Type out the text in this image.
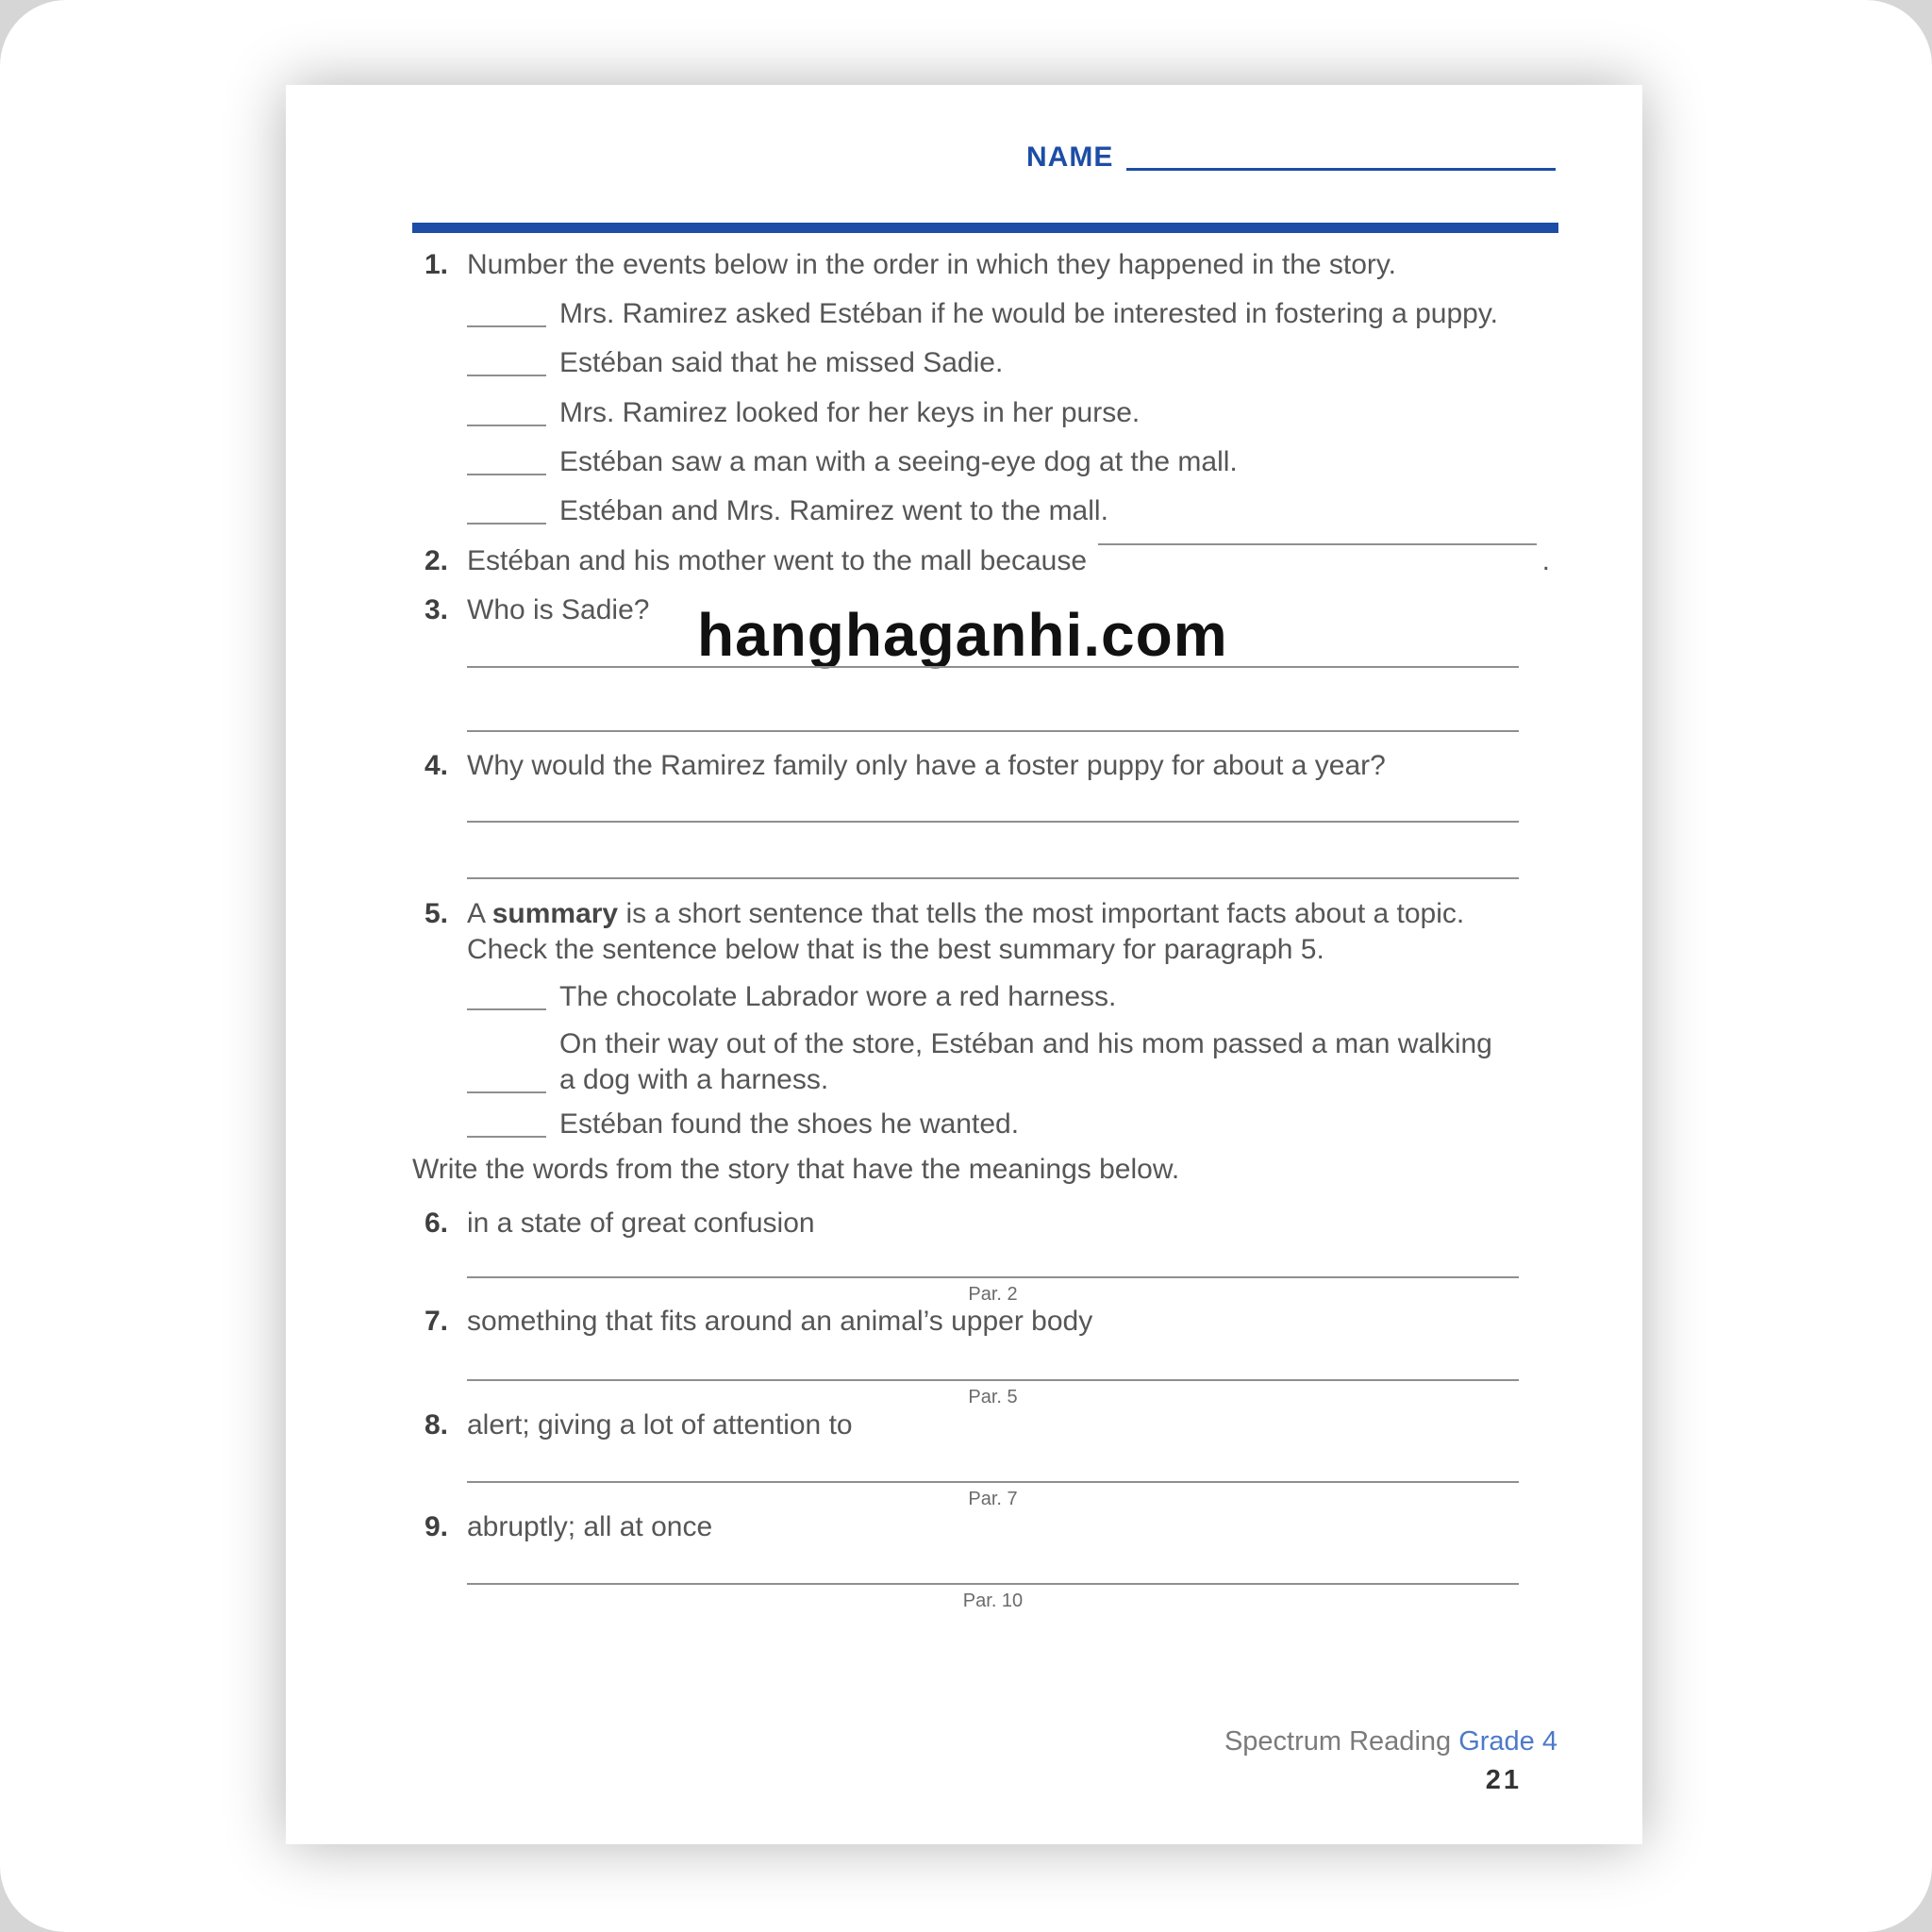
NAME
1. Number the events below in the order in which they happened in the story.
Mrs. Ramirez asked Estéban if he would be interested in fostering a puppy.
Estéban said that he missed Sadie.
Mrs. Ramirez looked for her keys in her purse.
Estéban saw a man with a seeing-eye dog at the mall.
Estéban and Mrs. Ramirez went to the mall.
2. Estéban and his mother went to the mall because	.
3. Who is Sadie? hanghaganhi.com
4. Why would the Ramirez family only have a foster puppy for about a year?
5. A summary is a short sentence that tells the most important facts about a topic.
Check the sentence below that is the best summary for paragraph 5.
The chocolate Labrador wore a red harness.
On their way out of the store, Estéban and his mom passed a man walking
a dog with a harness.
Estéban found the shoes he wanted.
Write the words from the story that have the meanings below.
6. in a state of great confusion
Par. 2
7. something that fits around an animal’s upper body
Par. 5
8. alert; giving a lot of attention to
Par. 7
9. abruptly; all at once
Par. 10
Spectrum Reading Grade 4
21
